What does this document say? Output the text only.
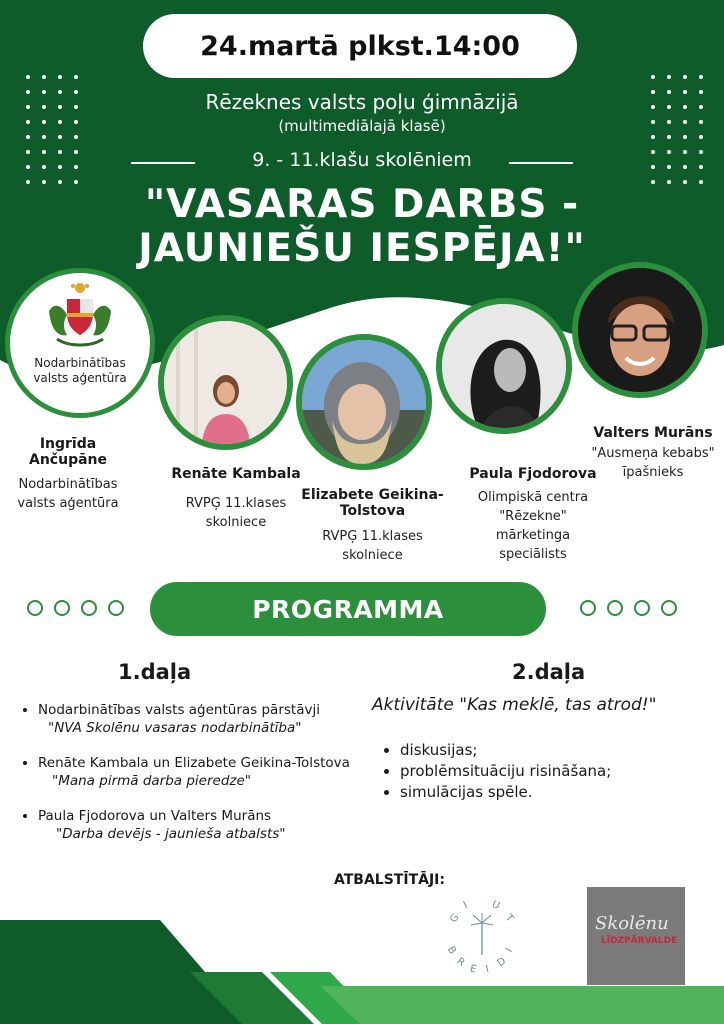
24.martā plkst.14:00
Rēzeknes valsts poļu ģimnāzijā
(multimediālajā klasē)
9. - 11.klašu skolēniem
"VASARAS DARBS -
JAUNIEŠU IESPĒJA!"
Nodarbinātības
valsts aģentūra
Ingrīda Ančupāne
Nodarbinātības
valsts aģentūra
Renāte Kambala
RVPĢ 11.klases
skolniece
Elizabete Geikina-
Tolstova
RVPĢ 11.klases
skolniece
Paula Fjodorova
Olimpiskā centra
"Rēzekne" mārketinga
speciālists
Valters Murāns
"Ausmeņa kebabs"
īpašnieks
PROGRAMMA
1.daļa
• Nodarbinātības valsts aģentūras pārstāvji
"NVA Skolēnu vasaras nodarbinātība"
• Renāte Kambala un Elizabete Geikina-Tolstova
"Mana pirmā darba pieredze"
• Paula Fjodorova un Valters Murāns
"Darba devējs - jaunieša atbalsts"
2.daļa
Aktivitāte "Kas meklē, tas atrod!"
• diskusijas;
• problēmsituāciju risināšana;
• simulācijas spēle.
ATBALSTĪTĀJI:
G
I U
T
B
R
E I
D
I
Skolēnu
LĪDZPĀRVALDE
